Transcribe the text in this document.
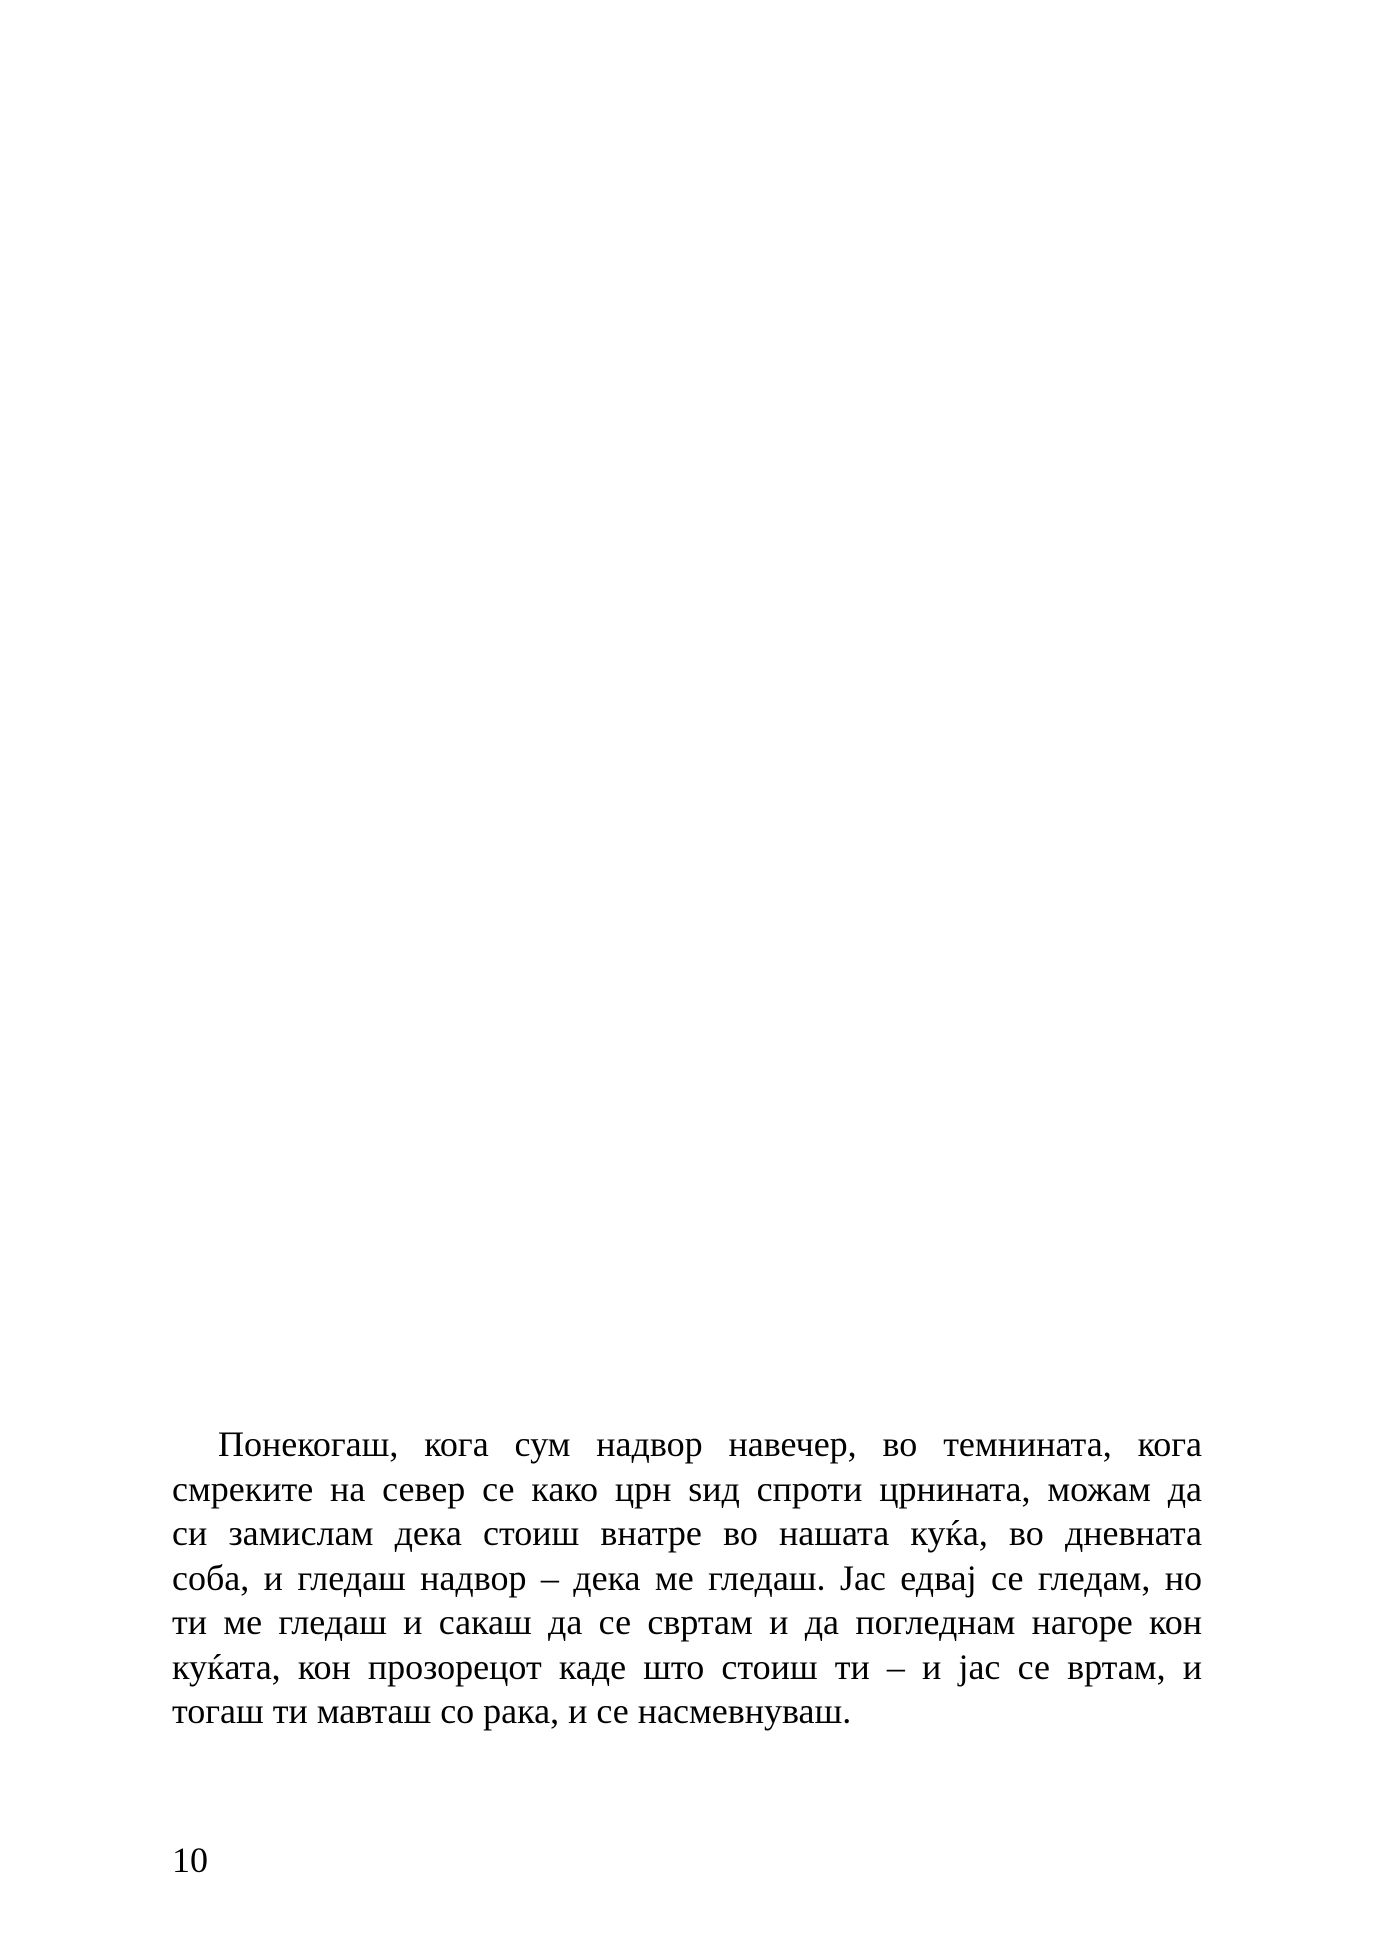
Понекогаш, кога сум надвор навечер, во темнината, кога
смреките на север се како црн ѕид спроти црнината, можам да
си замислам дека стоиш внатре во нашата куќа, во дневната
соба, и гледаш надвор – дека ме гледаш. Јас едвај се гледам, но
ти ме гледаш и сакаш да се свртам и да погледнам нагоре кон
куќата, кон прозорецот каде што стоиш ти – и јас се вртам, и
тогаш ти мавташ со рака, и се насмевнуваш.
10
